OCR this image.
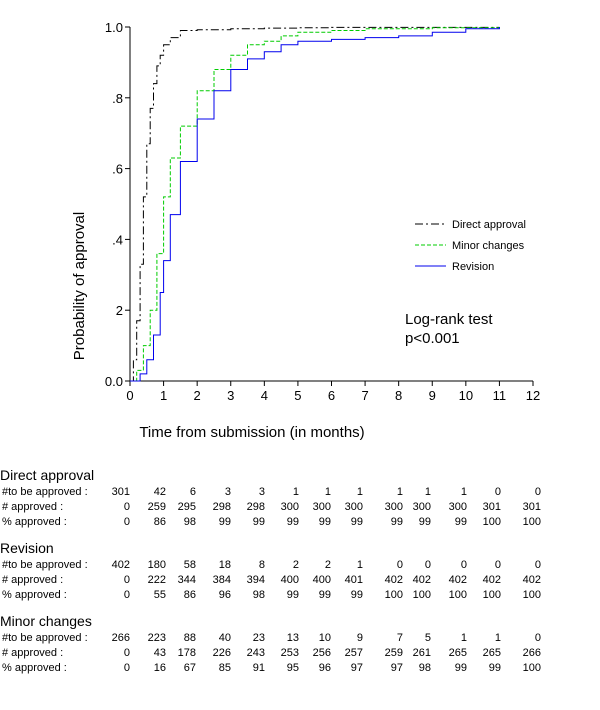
0 1 2 3 4 5 6 7 8 9 10 11 12
0.0
2
.4
.6
.8
1.0
Direct approval
Minor changes
Revision
Probability of approval
Time from submission (in months)
Log-rank test
p<0.001
Direct approval
#to be approved :	301	42	6	3	3	1	1	1	1	1	1	0	0
# approved :	0	259	295	298	298	300	300	300	300 300	300	301	301
% approved :	0	86	98	99	99	99	99	99	99	99	99	100	100
Revision
#to be approved :	402	180	58	18	8	2	2	1	0	0	0	0	0
# approved :	0	222	344	384	394	400	400	401	402 402	402	402	402
% approved :	0	55	86	96	98	99	99	99	100 100	100	100	100
Minor changes
#to be approved :	266	223	88	40	23	13	10	9	7	5	1	1	0
# approved :	0	43	178	226	243	253	256	257	259 261	265	265	266
% approved :	0	16	67	85	91	95	96	97	97	98	99	99	100
